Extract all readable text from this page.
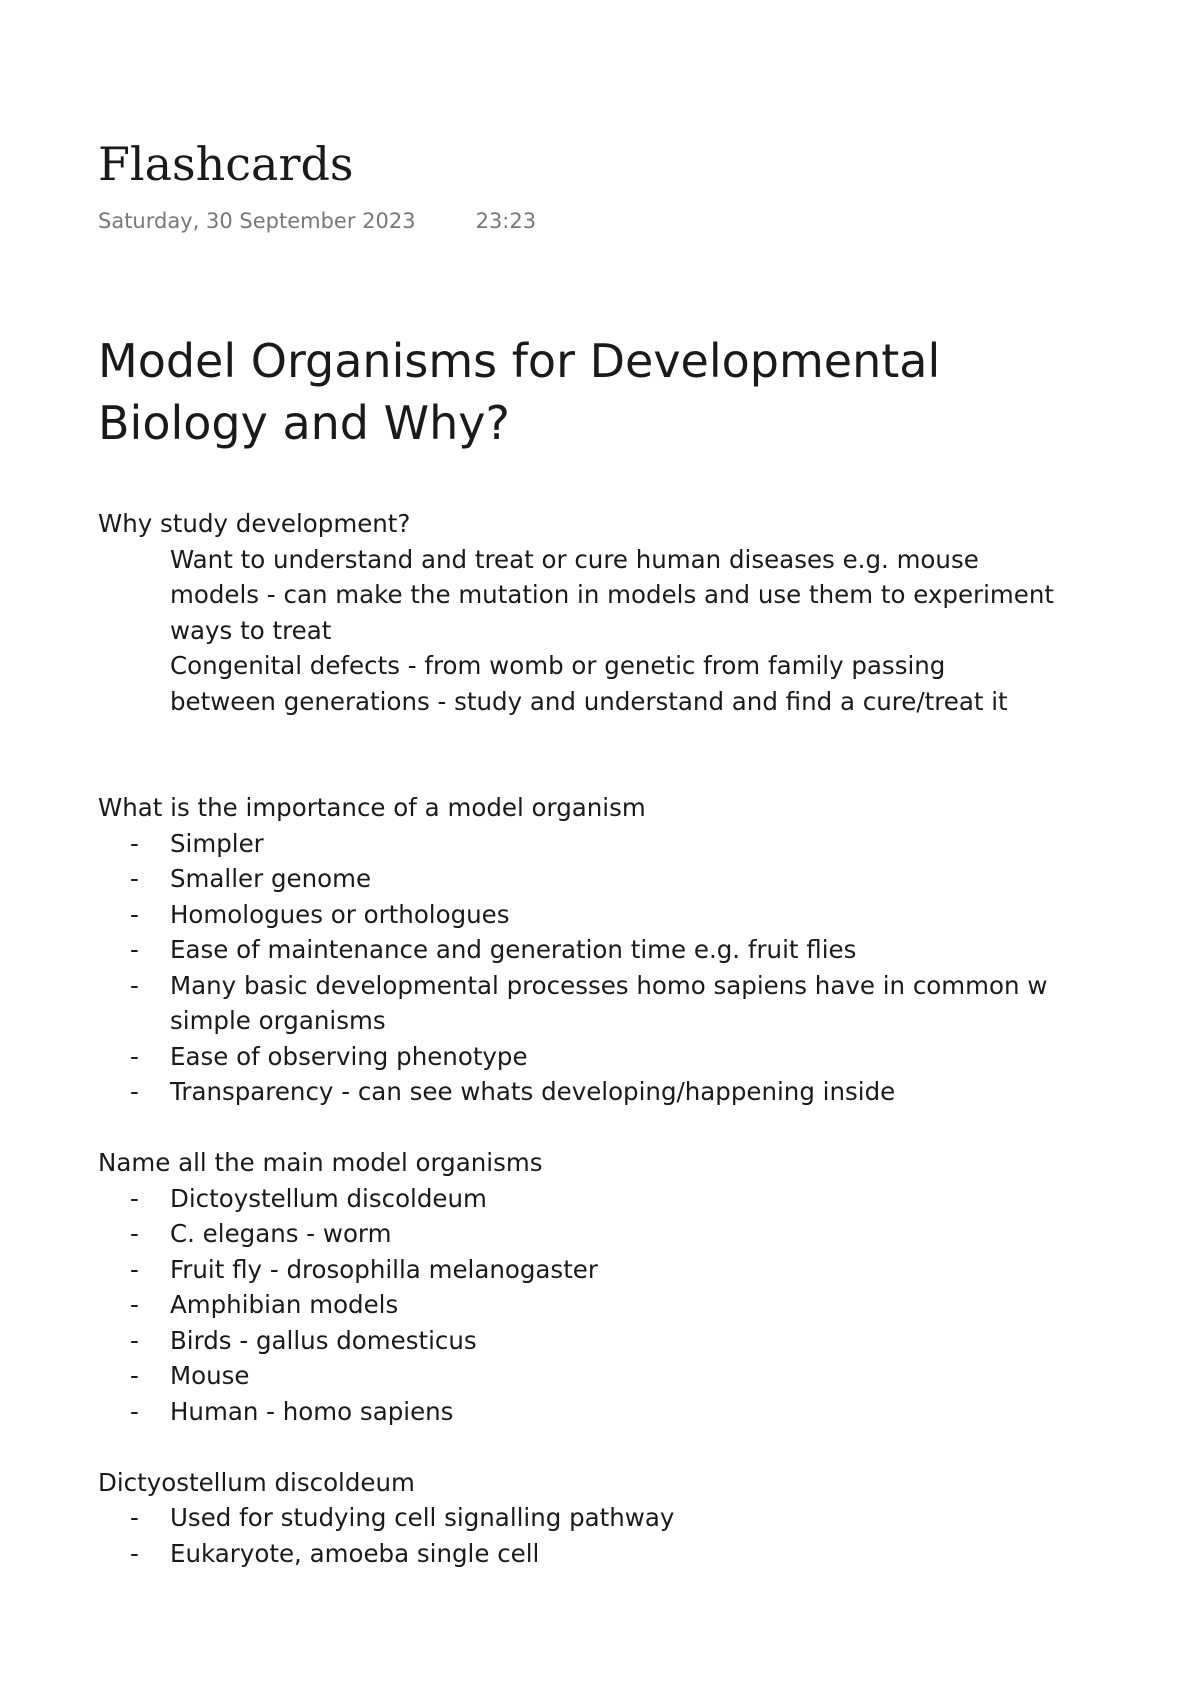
Flashcards
Saturday, 30 September 2023	23:23
Model Organisms for Developmental Biology and Why?

Why study development?

Want to understand and treat or cure human diseases e.g. mouse models - can make the mutation in models and use them to experiment ways to treat

Congenital defects - from womb or genetic from family passing between generations - study and understand and find a cure/treat it

What is the importance of a model organism

- Simpler
- Smaller genome
- Homologues or orthologues
- Ease of maintenance and generation time e.g. fruit flies
- Many basic developmental processes homo sapiens have in common w simple organisms
- Ease of observing phenotype
- Transparency - can see whats developing/happening inside

Name all the main model organisms

- Dictoystellum discoldeum
- C. elegans - worm
- Fruit fly - drosophilla melanogaster
- Amphibian models
- Birds - gallus domesticus
- Mouse
- Human - homo sapiens

Dictyostellum discoldeum

- Used for studying cell signalling pathway
- Eukaryote, amoeba single cell
